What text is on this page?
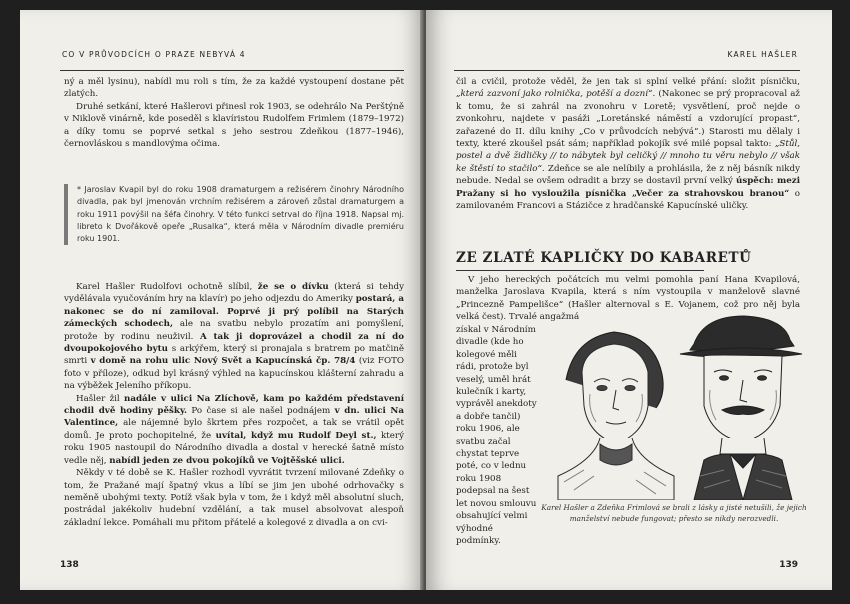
CO V PRŮVODCÍCH O PRAZE NEBYVÁ 4

ný a měl lysinu), nabídl mu roli s tím, že za každé vystoupení dostane pět zlatých.

Druhé setkání, které Hašlerovi přinesl rok 1903, se odehrálo Na Perštýně v Niklově vinárně, kde poseděl s klavíristou Rudolfem Frimlem (1879–1972) a díky tomu se poprvé setkal s jeho sestrou Zdeňkou (1877–1946), černovláskou s mandlovýma očima.

* Jaroslav Kvapil byl do roku 1908 dramaturgem a režisérem činohry Národního divadla, pak byl jmenován vrchním režisérem a zároveň zůstal dramaturgem a roku 1911 povýšil na šéfa činohry. V této funkci setrval do října 1918. Napsal mj. libreto k Dvořákově opeře „Rusalka“, která měla v Národním divadle premiéru roku 1901.

Karel Hašler Rudolfovi ochotně slíbil, že se o dívku (která si tehdy vydělávala vyučováním hry na klavír) po jeho odjezdu do Ameriky postará, a nakonec se do ní zamiloval. Poprvé ji prý políbil na Starých zámeckých schodech, ale na svatbu nebylo prozatím ani pomyšlení, protože by rodinu neuživil. A tak ji doprovázel a chodil za ní do dvoupokojového bytu s arkýřem, který si pronajala s bratrem po matčině smrti v domě na rohu ulic Nový Svět a Kapucínská čp. 78/4 (viz FOTO foto v příloze), odkud byl krásný výhled na kapucínskou klášterní zahradu a na výběžek Jeleního příkopu.

Hašler žil nadále v ulici Na Zlíchově, kam po každém představení chodil dvě hodiny pěšky. Po čase si ale našel podnájem v dn. ulici Na Valentince, ale nájemné bylo škrtem přes rozpočet, a tak se vrátil opět domů. Je proto pochopitelné, že uvítal, když mu Rudolf Deyl st., který roku 1905 nastoupil do Národního divadla a dostal v herecké šatně místo vedle něj, nabídl jeden ze dvou pokojíků ve Vojtěšské ulici.

Někdy v té době se K. Hašler rozhodl vyvrátit tvrzení milované Zdeňky o tom, že Pražané mají špatný vkus a líbí se jim jen ubohé odrhovačky s neměně ubohými texty. Potíž však byla v tom, že i když měl absolutní sluch, postrádal jakékoliv hudební vzdělání, a tak musel absolvovat alespoň základní lekce. Pomáhali mu přitom přátelé a kolegové z divadla a on cvi-

138
KAREL HAŠLER

čil a cvičil, protože věděl, že jen tak si splní velké přání: složit písničku, „která zazvoní jako rolnička, potěší a dozní“. (Nakonec se prý propracoval až k tomu, že si zahrál na zvonohru v Loretě; vysvětlení, proč nejde o zvonkohru, najdete v pasáži „Loretánské náměstí a vzdorující propast“, zařazené do II. dílu knihy „Co v průvodcích nebývá“.) Starosti mu dělaly i texty, které zkoušel psát sám; například pokojík své milé popsal takto: „Stůl, postel a dvě židličky // to nábytek byl celičký // mnoho tu věru nebylo // však ke štěstí to stačilo“. Zdeňce se ale nelíbily a prohlásila, že z něj básník nikdy nebude. Nedal se ovšem odradit a brzy se dostavil první velký úspěch: mezi Pražany si ho vysloužila písnička „Večer za strahovskou branou“ o zamilovaném Francovi a Stázičce z hradčanské Kapucínské uličky.

ZE ZLATÉ KAPLIČKY DO KABARETŮ

V jeho hereckých počátcích mu velmi pomohla paní Hana Kvapilová, manželka Jaroslava Kvapila, která s ním vystoupila v manželově slavné „Princezně Pampelišce“ (Hašler alternoval s E. Vojanem, což pro něj byla velká čest). Trvalé angažmá

získal v Národním divadle (kde ho kolegové měli rádi, protože byl veselý, uměl hrát kulečník i karty, vyprávěl anekdoty a dobře tančil) roku 1906, ale svatbu začal chystat teprve poté, co v lednu roku 1908 podepsal na šest let novou smlouvu obsahující velmi výhodné podmínky.

Karel Hašler a Zdeňka Frimlová se brali z lásky a jisté netušili, že jejich manželství nebude fungovat; přesto se nikdy nerozvedli.
139
